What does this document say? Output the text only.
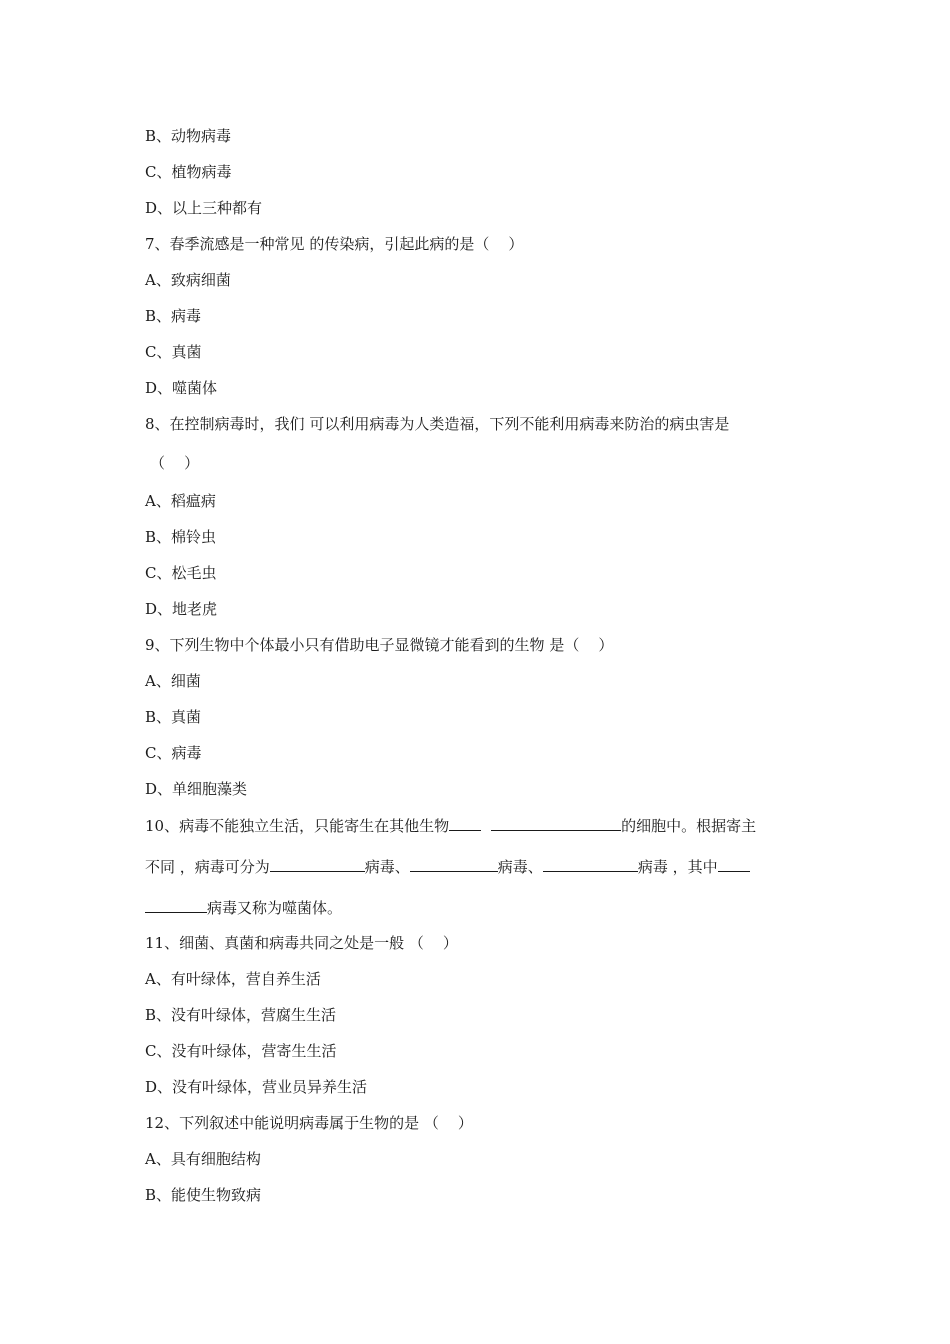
B、动物病毒
C、植物病毒
D、以上三种都有
7、春季流感是一种常见 的传染病，引起此病的是（    ）
A、致病细菌
B、病毒
C、真菌
D、噬菌体
8、在控制病毒时，我们 可以利用病毒为人类造福，下列不能利用病毒来防治的病虫害是
（    ）
A、稻瘟病
B、棉铃虫
C、松毛虫
D、地老虎
9、下列生物中个体最小只有借助电子显微镜才能看到的生物 是（    ）
A、细菌
B、真菌
C、病毒
D、单细胞藻类
10、病毒不能独立生活，只能寄生在其他生物	的细胞中。根据寄主
不同 ，病毒可分为	病毒、	病毒、	病毒 ，其中
病毒又称为噬菌体。
11、细菌、真菌和病毒共同之处是一般 （    ）
A、有叶绿体，营自养生活
B、没有叶绿体，营腐生生活
C、没有叶绿体，营寄生生活
D、没有叶绿体，营业员异养生活
12、下列叙述中能说明病毒属于生物的是 （    ）
A、具有细胞结构
B、能使生物致病
